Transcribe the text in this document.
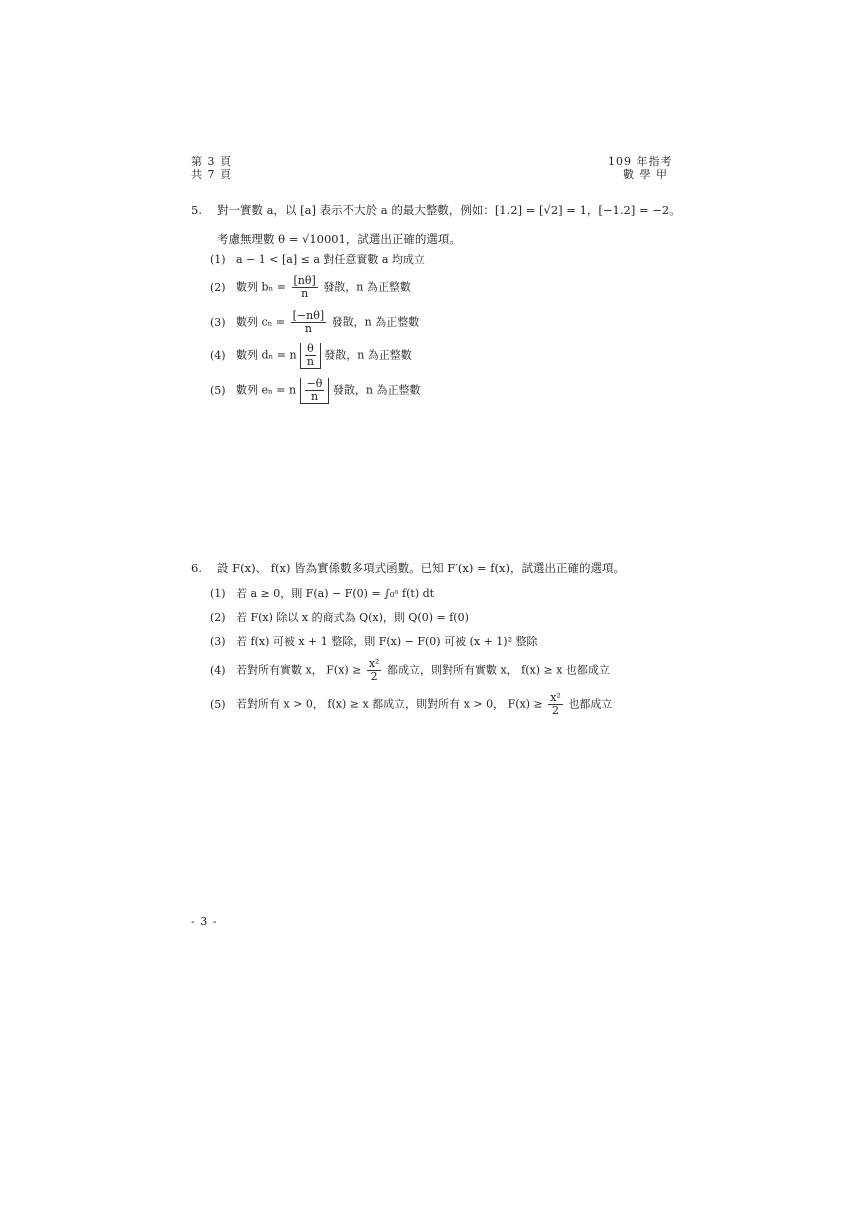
第 3 頁
共 7 頁
109 年指考
數 學 甲
5. 對一實數 a，以 [a] 表示不大於 a 的最大整數，例如：[1.2] = [√2] = 1，[−1.2] = −2。
考慮無理數 θ = √10001，試選出正確的選項。
(1) a − 1 < [a] ≤ a 對任意實數 a 均成立
(2) 數列 $b_n = \frac{[n\theta]}{n}$ 發散，n 為正整數
(3) 數列 $c_n = \frac{[-n\theta]}{n}$ 發散，n 為正整數
(4) 數列 dₙ = n $\frac{\theta}{n}$ 發散，n 為正整數
(5) 數列 eₙ = n $\frac{-\theta}{n}$ 發散，n 為正整數
6. 設 F(x)、 f(x) 皆為實係數多項式函數。已知 F′(x) = f(x)，試選出正確的選項。
(1) 若 a ≥ 0，則 F(a) − F(0) = ∫₀ᵃ f(t) dt
(2) 若 F(x) 除以 x 的商式為 Q(x)，則 Q(0) = f(0)
(3) 若 f(x) 可被 x + 1 整除，則 F(x) − F(0) 可被 (x + 1)² 整除
(4) 若對所有實數 x， $F(x) \ge \frac{\text{x²}}{2}$ 都成立，則對所有實數 x， f(x) ≥ x 也都成立
(5) 若對所有 x > 0， f(x) ≥ x 都成立，則對所有 x > 0， $F(x) \ge \frac{\text{x²}}{2}$ 也都成立
- 3 -
